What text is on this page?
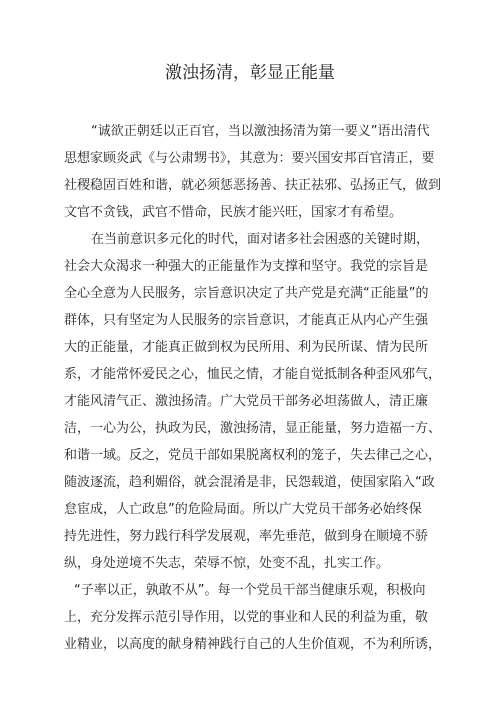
激浊扬清，彰显正能量
“诚欲正朝廷以正百官，当以激浊扬清为第一要义”语出清代
思想家顾炎武《与公肃甥书》，其意为：要兴国安邦百官清正，要
社稷稳固百姓和谐，就必须惩恶扬善、扶正祛邪、弘扬正气，做到
文官不贪钱，武官不惜命，民族才能兴旺，国家才有希望。
在当前意识多元化的时代，面对诸多社会困惑的关键时期，
社会大众渴求一种强大的正能量作为支撑和坚守。我党的宗旨是
全心全意为人民服务，宗旨意识决定了共产党是充满“正能量”的
群体，只有坚定为人民服务的宗旨意识，才能真正从内心产生强
大的正能量，才能真正做到权为民所用、利为民所谋、情为民所
系，才能常怀爱民之心，恤民之情，才能自觉抵制各种歪风邪气，
才能风清气正、激浊扬清。广大党员干部务必坦荡做人，清正廉
洁，一心为公，执政为民，激浊扬清，显正能量，努力造福一方、
和谐一域。反之，党员干部如果脱离权利的笼子，失去律己之心，
随波逐流，趋利媚俗，就会混淆是非，民怨载道，使国家陷入“政
怠宦成，人亡政息”的危险局面。所以广大党员干部务必始终保
持先进性，努力践行科学发展观，率先垂范，做到身在顺境不骄
纵，身处逆境不失志，荣辱不惊，处变不乱，扎实工作。
“子率以正，孰敢不从”。每一个党员干部当健康乐观，积极向
上，充分发挥示范引导作用，以党的事业和人民的利益为重，敬
业精业，以高度的献身精神践行自己的人生价值观，不为利所诱，
